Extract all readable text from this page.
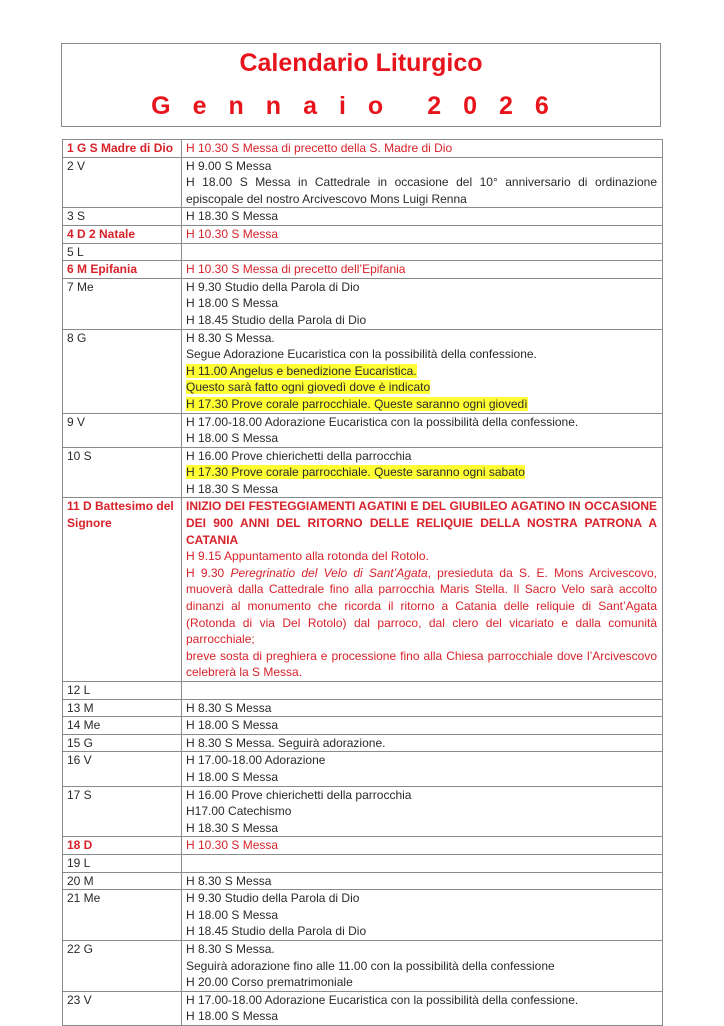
Calendario Liturgico
Gennaio 2026
1 G S Madre di Dio	H 10.30 S Messa di precetto della S. Madre di Dio

2 V	H 9.00 S Messa
H 18.00 S Messa in Cattedrale in occasione del 10° anniversario di ordinazione episcopale del nostro Arcivescovo Mons Luigi Renna

3 S	H 18.30 S Messa

4 D 2 Natale	H 10.30 S Messa

5 L	

6 M Epifania	H 10.30 S Messa di precetto dell’Epifania

7 Me	H 9.30 Studio della Parola di Dio
H 18.00 S Messa
H 18.45 Studio della Parola di Dio

8 G	H 8.30 S Messa.
Segue Adorazione Eucaristica con la possibilità della confessione.
H 11.00 Angelus e benedizione Eucaristica.
Questo sarà fatto ogni giovedì dove è indicato
H 17.30 Prove corale parrocchiale. Queste saranno ogni giovedì

9 V	H 17.00-18.00 Adorazione Eucaristica con la possibilità della confessione.
H 18.00 S Messa

10 S	H 16.00 Prove chierichetti della parrocchia
H 17.30 Prove corale parrocchiale. Queste saranno ogni sabato
H 18.30 S Messa

11 D Battesimo del Signore	INIZIO DEI FESTEGGIAMENTI AGATINI E DEL GIUBILEO AGATINO IN OCCASIONE DEI 900 ANNI DEL RITORNO DELLE RELIQUIE DELLA NOSTRA PATRONA A CATANIA
H 9.15 Appuntamento alla rotonda del Rotolo.
H 9.30 Peregrinatio del Velo di Sant’Agata, presieduta da S. E. Mons Arcivescovo, muoverà dalla Cattedrale fino alla parrocchia Maris Stella. Il Sacro Velo sarà accolto dinanzi al monumento che ricorda il ritorno a Catania delle reliquie di Sant’Agata (Rotonda di via Del Rotolo) dal parroco, dal clero del vicariato e dalla comunità parrocchiale;
breve sosta di preghiera e processione fino alla Chiesa parrocchiale dove l’Arcivescovo celebrerà la S Messa.

12 L	

13 M	H 8.30 S Messa

14 Me	H 18.00 S Messa

15 G	H 8.30 S Messa. Seguirà adorazione.

16 V	H 17.00-18.00 Adorazione
H 18.00 S Messa

17 S	H 16.00 Prove chierichetti della parrocchia
H17.00 Catechismo
H 18.30 S Messa

18 D	H 10.30 S Messa

19 L	

20 M	H 8.30 S Messa

21 Me	H 9.30 Studio della Parola di Dio
H 18.00 S Messa
H 18.45 Studio della Parola di Dio

22 G	H 8.30 S Messa.
Seguirà adorazione fino alle 11.00 con la possibilità della confessione
H 20.00 Corso prematrimoniale

23 V	H 17.00-18.00 Adorazione Eucaristica con la possibilità della confessione.
H 18.00 S Messa
